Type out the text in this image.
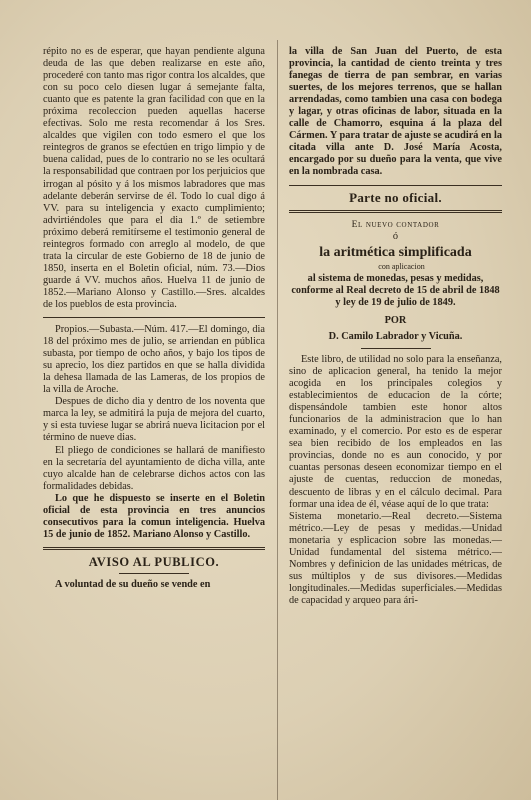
répito no es de esperar, que hayan pendiente alguna deuda de las que deben realizarse en este año, procederé con tanto mas rigor contra los alcaldes, que con su poco celo diesen lugar á semejante falta, cuanto que es patente la gran facilidad con que en la próxima recoleccion pueden aquellas hacerse efectivas. Solo me resta recomendar á los Sres. alcaldes que vigilen con todo esmero el que los reintegros de granos se efectúen en trigo limpio y de buena calidad, pues de lo contrario no se les ocultará la responsabilidad que contraen por los perjuicios que irrogan al pósito y á los mismos labradores que mas adelante deberán servirse de él. Todo lo cual digo á VV. para su inteligencia y exacto cumplimiento; advirtiéndoles que para el dia 1.º de setiembre próximo deberá remitírseme el testimonio general de reintegros formado con arreglo al modelo, de que trata la circular de este Gobierno de 18 de junio de 1850, inserta en el Boletin oficial, núm. 73.—Dios guarde á VV. muchos años. Huelva 11 de junio de 1852.—Mariano Alonso y Castillo.—Sres. alcaldes de los pueblos de esta provincia.

Propios.—Subasta.—Núm. 417.—El domingo, dia 18 del próximo mes de julio, se arriendan en pública subasta, por tiempo de ocho años, y bajo los tipos de su aprecio, los diez partidos en que se halla dividida la dehesa llamada de las Lameras, de los propios de la villa de Aroche.

Despues de dicho dia y dentro de los noventa que marca la ley, se admitirá la puja de mejora del cuarto, y si esta tuviese lugar se abrirá nueva licitacion por el término de nueve dias.

El pliego de condiciones se hallará de manifiesto en la secretaría del ayuntamiento de dicha villa, ante cuyo alcalde han de celebrarse dichos actos con las formalidades debidas.

Lo que he dispuesto se inserte en el Boletin oficial de esta provincia en tres anuncios consecutivos para la comun inteligencia. Huelva 15 de junio de 1852. Mariano Alonso y Castillo.

AVISO AL PUBLICO.

A voluntad de su dueño se vende en

la villa de San Juan del Puerto, de esta provincia, la cantidad de ciento treinta y tres fanegas de tierra de pan sembrar, en varias suertes, de los mejores terrenos, que se hallan arrendadas, como tambien una casa con bodega y lagar, y otras oficinas de labor, situada en la calle de Chamorro, esquina á la plaza del Cármen. Y para tratar de ajuste se acudirá en la citada villa ante D. José María Acosta, encargado por su dueño para la venta, que vive en la nombrada casa.

Parte no oficial.

El nuevo contador

ó

la aritmética simplificada

con aplicacion

al sistema de monedas, pesas y medidas, conforme al Real decreto de 15 de abril de 1848 y ley de 19 de julio de 1849.

POR

D. Camilo Labrador y Vicuña.

Este libro, de utilidad no solo para la enseñanza, sino de aplicacion general, ha tenido la mejor acogida en los principales colegios y establecimientos de educacion de la córte; dispensándole tambien este honor altos funcionarios de la administracion que lo han examinado, y el comercio. Por esto es de esperar sea bien recibido de los empleados en las provincias, donde no es aun conocido, y por cuantas personas deseen economizar tiempo en el ajuste de cuentas, reduccion de monedas, descuento de libras y en el cálculo decimal. Para formar una idea de él, véase aquí de lo que trata:

Sistema monetario.—Real decreto.—Sistema métrico.—Ley de pesas y medidas.—Unidad monetaria y esplicacion sobre las monedas.—Unidad fundamental del sistema métrico.—Nombres y definicion de las unidades métricas, de sus múltiplos y de sus divisores.—Medidas longitudinales.—Medidas superficiales.—Medidas de capacidad y arqueo para ári-
